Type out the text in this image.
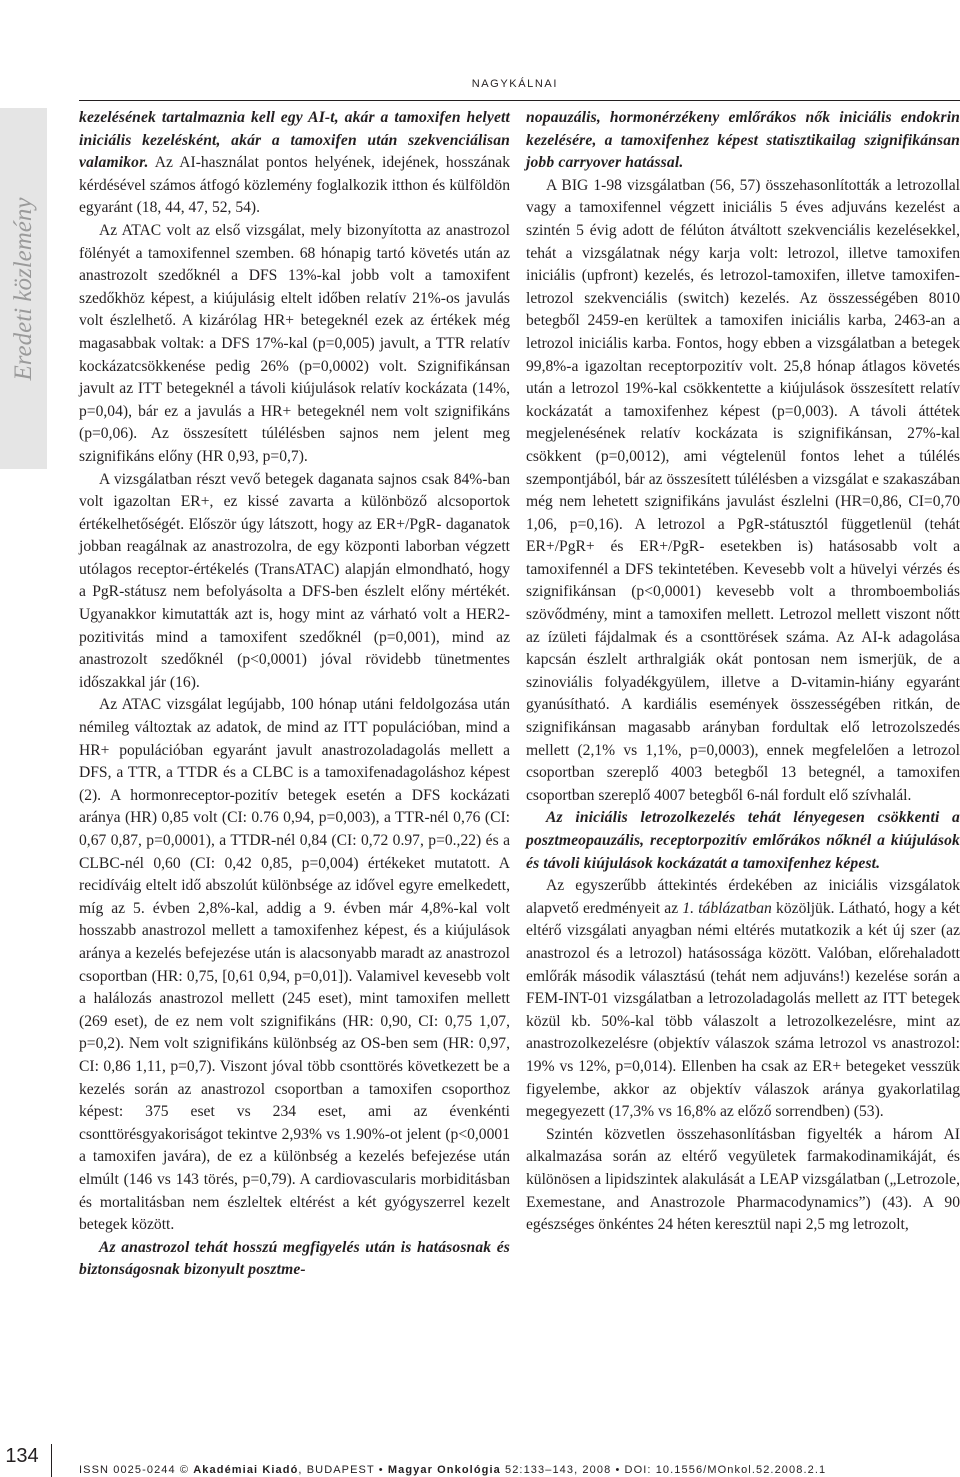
NAGYKÁLNAI
Eredeti közlemény

kezelésének tartalmaznia kell egy AI-t, akár a tamoxifen helyett iniciális kezelésként, akár a tamoxifen után szekvenciálisan valamikor. Az AI-használat pontos helyének, idejének, hosszának kérdésével számos átfogó közlemény foglalkozik itthon és külföldön egyaránt (18, 44, 47, 52, 54).

Az ATAC volt az első vizsgálat, mely bizonyította az anastrozol fölényét a tamoxifennel szemben. 68 hónapig tartó követés után az anastrozolt szedőknél a DFS 13%-kal jobb volt a tamoxifent szedőkhöz képest, a kiújulásig eltelt időben relatív 21%-os javulás volt észlelhető. A kizárólag HR+ betegeknél ezek az értékek még magasabbak voltak: a DFS 17%-kal (p=0,005) javult, a TTR relatív kockázatcsökkenése pedig 26% (p=0,0002) volt. Szignifikánsan javult az ITT betegeknél a távoli kiújulások relatív kockázata (14%, p=0,04), bár ez a javulás a HR+ betegeknél nem volt szignifikáns (p=0,06). Az összesített túlélésben sajnos nem jelent meg szignifikáns előny (HR 0,93, p=0,7).

A vizsgálatban részt vevő betegek daganata sajnos csak 84%-ban volt igazoltan ER+, ez kissé zavarta a különböző alcsoportok értékelhetőségét. Először úgy látszott, hogy az ER+/PgR- daganatok jobban reagálnak az anastrozolra, de egy központi laborban végzett utólagos receptor-értékelés (TransATAC) alapján elmondható, hogy a PgR-státusz nem befolyásolta a DFS-ben észlelt előny mértékét. Ugyanakkor kimutatták azt is, hogy mint az várható volt a HER2-pozitivitás mind a tamoxifent szedőknél (p=0,001), mind az anastrozolt szedőknél (p<0,0001) jóval rövidebb tünetmentes időszakkal jár (16).

Az ATAC vizsgálat legújabb, 100 hónap utáni feldolgozása után némileg változtak az adatok, de mind az ITT populációban, mind a HR+ populációban egyaránt javult anastrozoladagolás mellett a DFS, a TTR, a TTDR és a CLBC is a tamoxifenadagoláshoz képest (2). A hormonreceptor-pozitív betegek esetén a DFS kockázati aránya (HR) 0,85 volt (CI: 0.76 0,94, p=0,003), a TTR-nél 0,76 (CI: 0,67 0,87, p=0,0001), a TTDR-nél 0,84 (CI: 0,72 0.97, p=0.,22) és a CLBC-nél 0,60 (CI: 0,42 0,85, p=0,004) értékeket mutatott. A recidíváig eltelt idő abszolút különbsége az idővel egyre emelkedett, míg az 5. évben 2,8%-kal, addig a 9. évben már 4,8%-kal volt hosszabb anastrozol mellett a tamoxifenhez képest, és a kiújulások aránya a kezelés befejezése után is alacsonyabb maradt az anastrozol csoportban (HR: 0,75, [0,61 0,94, p=0,01]). Valamivel kevesebb volt a halálozás anastrozol mellett (245 eset), mint tamoxifen mellett (269 eset), de ez nem volt szignifikáns (HR: 0,90, CI: 0,75 1,07, p=0,2). Nem volt szignifikáns különbség az OS-ben sem (HR: 0,97, CI: 0,86 1,11, p=0,7). Viszont jóval több csonttörés következett be a kezelés során az anastrozol csoportban a tamoxifen csoporthoz képest: 375 eset vs 234 eset, ami az évenkénti csonttörésgyakoriságot tekintve 2,93% vs 1.90%-ot jelent (p<0,0001 a tamoxifen javára), de ez a különbség a kezelés befejezése után elmúlt (146 vs 143 törés, p=0,79). A cardiovascularis morbiditásban és mortalitásban nem észleltek eltérést a két gyógyszerrel kezelt betegek között.

Az anastrozol tehát hosszú megfigyelés után is hatásosnak és biztonságosnak bizonyult posztme-

nopauzális, hormonérzékeny emlőrákos nők iniciális endokrin kezelésére, a tamoxifenhez képest statisztikailag szignifikánsan jobb carryover hatással.

A BIG 1-98 vizsgálatban (56, 57) összehasonlították a letrozollal vagy a tamoxifennel végzett iniciális 5 éves adjuváns kezelést a szintén 5 évig adott de félúton átváltott szekvenciális kezelésekkel, tehát a vizsgálatnak négy karja volt: letrozol, illetve tamoxifen iniciális (upfront) kezelés, és letrozol-tamoxifen, illetve tamoxifen-letrozol szekvenciális (switch) kezelés. Az összességében 8010 betegből 2459-en kerültek a tamoxifen iniciális karba, 2463-an a letrozol iniciális karba. Fontos, hogy ebben a vizsgálatban a betegek 99,8%-a igazoltan receptorpozitív volt. 25,8 hónap átlagos követés után a letrozol 19%-kal csökkentette a kiújulások összesített relatív kockázatát a tamoxifenhez képest (p=0,003). A távoli áttétek megjelenésének relatív kockázata is szignifikánsan, 27%-kal csökkent (p=0,0012), ami végtelenül fontos lehet a túlélés szempontjából, bár az összesített túlélésben a vizsgálat e szakaszában még nem lehetett szignifikáns javulást észlelni (HR=0,86, CI=0,70 1,06, p=0,16). A letrozol a PgR-státusztól függetlenül (tehát ER+/PgR+ és ER+/PgR- esetekben is) hatásosabb volt a tamoxifennél a DFS tekintetében. Kevesebb volt a hüvelyi vérzés és szignifikánsan (p<0,0001) kevesebb volt a thromboemboliás szövődmény, mint a tamoxifen mellett. Letrozol mellett viszont nőtt az ízületi fájdalmak és a csonttörések száma. Az AI-k adagolása kapcsán észlelt arthralgiák okát pontosan nem ismerjük, de a szinoviális folyadékgyülem, illetve a D-vitamin-hiány egyaránt gyanúsítható. A kardiális események összességében ritkán, de szignifikánsan magasabb arányban fordultak elő letrozolszedés mellett (2,1% vs 1,1%, p=0,0003), ennek megfelelően a letrozol csoportban szereplő 4003 betegből 13 betegnél, a tamoxifen csoportban szereplő 4007 betegből 6-nál fordult elő szívhalál.

Az iniciális letrozolkezelés tehát lényegesen csökkenti a posztmeopauzális, receptorpozitív emlőrákos nőknél a kiújulások és távoli kiújulások kockázatát a tamoxifenhez képest.

Az egyszerűbb áttekintés érdekében az iniciális vizsgálatok alapvető eredményeit az 1. táblázatban közöljük. Látható, hogy a két eltérő vizsgálati anyagban némi eltérés mutatkozik a két új szer (az anastrozol és a letrozol) hatásossága között. Valóban, előrehaladott emlőrák második választású (tehát nem adjuváns!) kezelése során a FEM-INT-01 vizsgálatban a letrozoladagolás mellett az ITT betegek közül kb. 50%-kal több válaszolt a letrozolkezelésre, mint az anastrozolkezelésre (objektív válaszok száma letrozol vs anastrozol: 19% vs 12%, p=0,014). Ellenben ha csak az ER+ betegeket vesszük figyelembe, akkor az objektív válaszok aránya gyakorlatilag megegyezett (17,3% vs 16,8% az előző sorrendben) (53).

Szintén közvetlen összehasonlításban figyelték a három AI alkalmazása során az eltérő vegyületek farmakodinamikáját, és különösen a lipidszintek alakulását a LEAP vizsgálatban („Letrozole, Exemestane, and Anastrozole Pharmacodynamics”) (43). A 90 egészséges önkéntes 24 héten keresztül napi 2,5 mg letrozolt,

134
ISSN 0025-0244 © Akadémiai Kiadó, BUDAPEST • Magyar Onkológia 52:133–143, 2008 • DOI: 10.1556/MOnkol.52.2008.2.1
